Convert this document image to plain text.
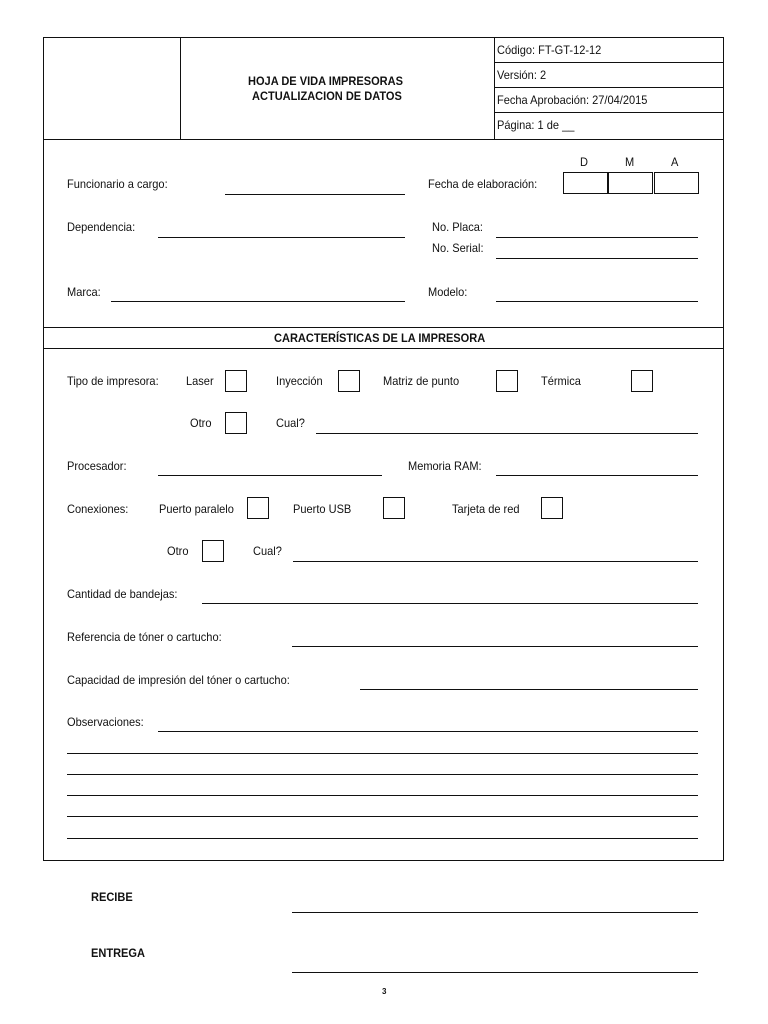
HOJA DE VIDA IMPRESORAS
ACTUALIZACION DE DATOS
Código: FT-GT-12-12
Versión: 2
Fecha Aprobación: 27/04/2015
Página: 1 de __
D	M	A
Funcionario a cargo:	Fecha de elaboración:
Dependencia:	No. Placa:
No. Serial:
Marca:	Modelo:
CARACTERÍSTICAS DE LA IMPRESORA
Tipo de impresora: Laser	Inyección	Matriz de punto	Térmica
Otro	Cual?
Procesador:	Memoria RAM:
Conexiones:	Puerto paralelo	Puerto USB	Tarjeta de red
Otro	Cual?
Cantidad de bandejas:
Referencia de tóner o cartucho:
Capacidad de impresión del tóner o cartucho:
Observaciones:
RECIBE
ENTREGA
3
